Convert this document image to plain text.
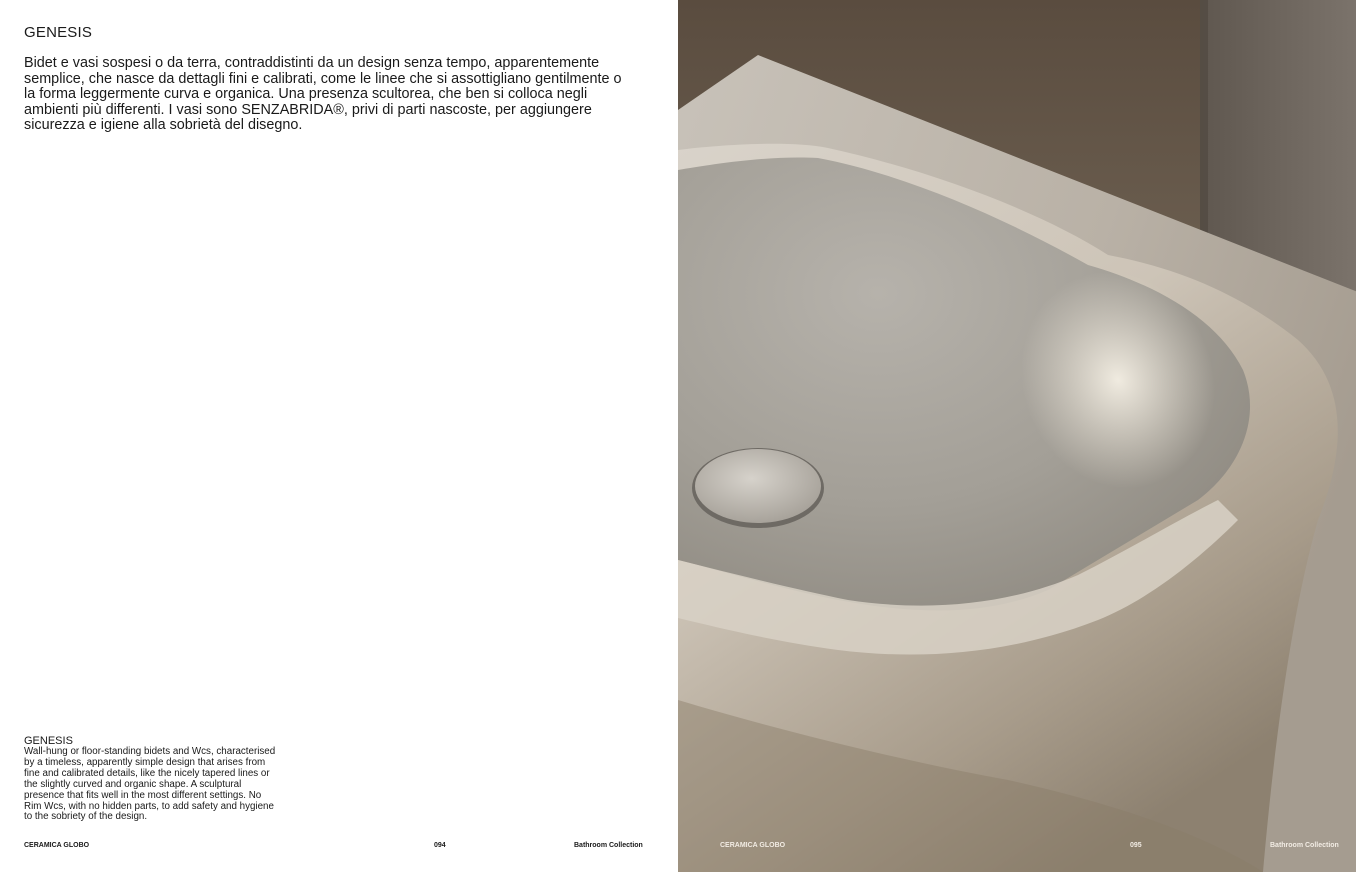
GENESIS

Bidet e vasi sospesi o da terra, contraddistinti da un design senza tempo, apparentemente semplice, che nasce da dettagli fini e calibrati, come le linee che si assottigliano gentilmente o la forma leggermente curva e organica. Una presenza scultorea, che ben si colloca negli ambienti più differenti. I vasi sono SENZABRIDA®, privi di parti nascoste, per aggiungere sicurezza e igiene alla sobrietà del disegno.

GENESIS

Wall-hung or floor-standing bidets and Wcs, characterised by a timeless, apparently simple design that arises from fine and calibrated details, like the nicely tapered lines or the slightly curved and organic shape. A sculptural presence that fits well in the most different settings. No Rim Wcs, with no hidden parts, to add safety and hygiene to the sobriety of the design.

CERAMICA GLOBO	094	Bathroom Collection	CERAMICA GLOBO	095	Bathroom Collection
